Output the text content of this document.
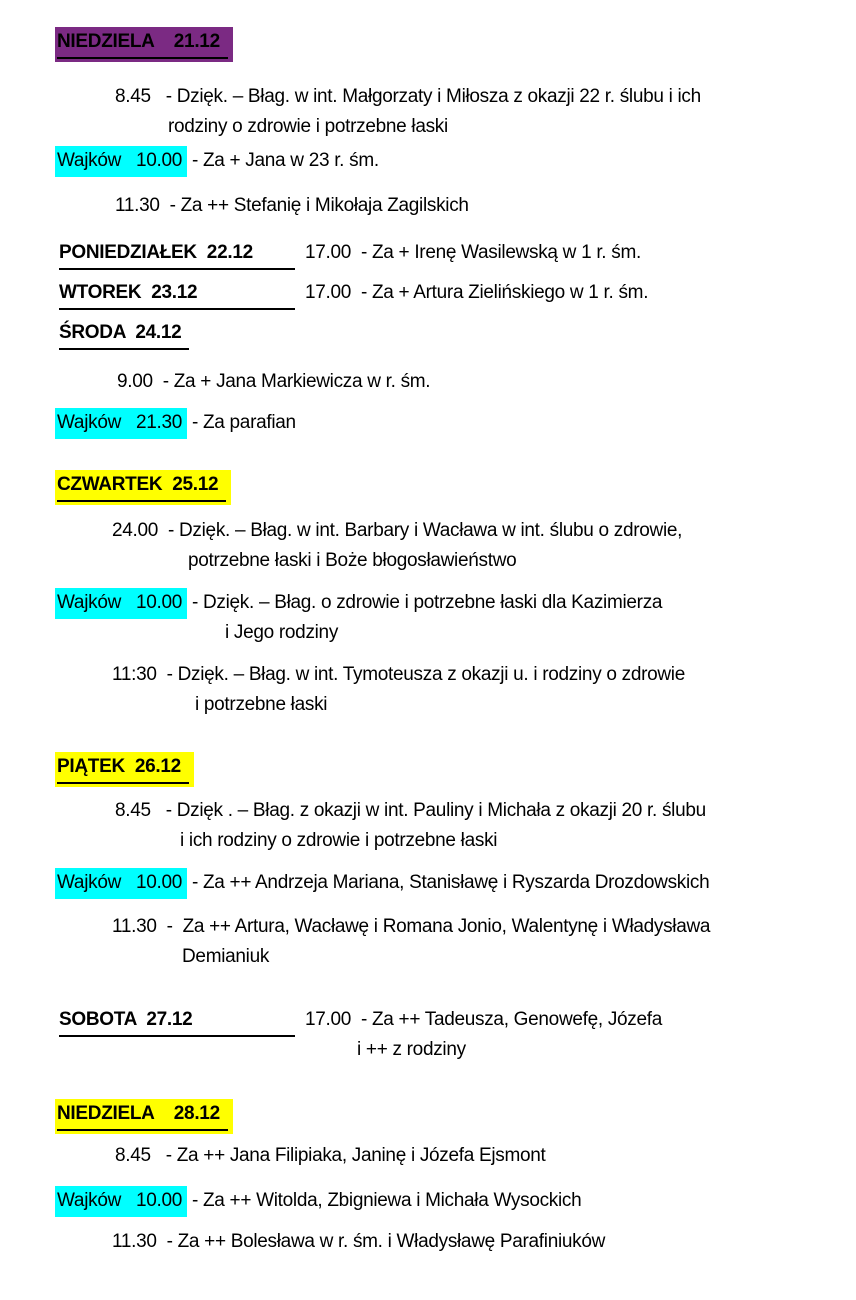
NIEDZIELA    21.12
8.45   - Dzięk. – Błag. w int. Małgorzaty i Miłosza z okazji 22 r. ślubu i ich
rodziny o zdrowie i potrzebne łaski
Wajków   10.00 - Za + Jana w 23 r. śm.
11.30  - Za ++ Stefanię i Mikołaja Zagilskich
PONIEDZIAŁEK  22.12 17.00  - Za + Irenę Wasilewską w 1 r. śm.
WTOREK  23.12	17.00  - Za + Artura Zielińskiego w 1 r. śm.
ŚRODA  24.12
9.00  - Za + Jana Markiewicza w r. śm.
Wajków   21.30 - Za parafian
CZWARTEK  25.12
24.00  - Dzięk. – Błag. w int. Barbary i Wacława w int. ślubu o zdrowie,
potrzebne łaski i Boże błogosławieństwo
Wajków   10.00 - Dzięk. – Błag. o zdrowie i potrzebne łaski dla Kazimierza
i Jego rodziny
11:30  - Dzięk. – Błag. w int. Tymoteusza z okazji u. i rodziny o zdrowie
i potrzebne łaski
PIĄTEK  26.12
8.45   - Dzięk . – Błag. z okazji w int. Pauliny i Michała z okazji 20 r. ślubu
i ich rodziny o zdrowie i potrzebne łaski
Wajków   10.00 - Za ++ Andrzeja Mariana, Stanisławę i Ryszarda Drozdowskich
11.30  -  Za ++ Artura, Wacławę i Romana Jonio, Walentynę i Władysława
Demianiuk
SOBOTA  27.12	17.00  - Za ++ Tadeusza, Genowefę, Józefa
i ++ z rodziny
NIEDZIELA    28.12
8.45   - Za ++ Jana Filipiaka, Janinę i Józefa Ejsmont
Wajków   10.00 - Za ++ Witolda, Zbigniewa i Michała Wysockich
11.30  - Za ++ Bolesława w r. śm. i Władysławę Parafiniuków
